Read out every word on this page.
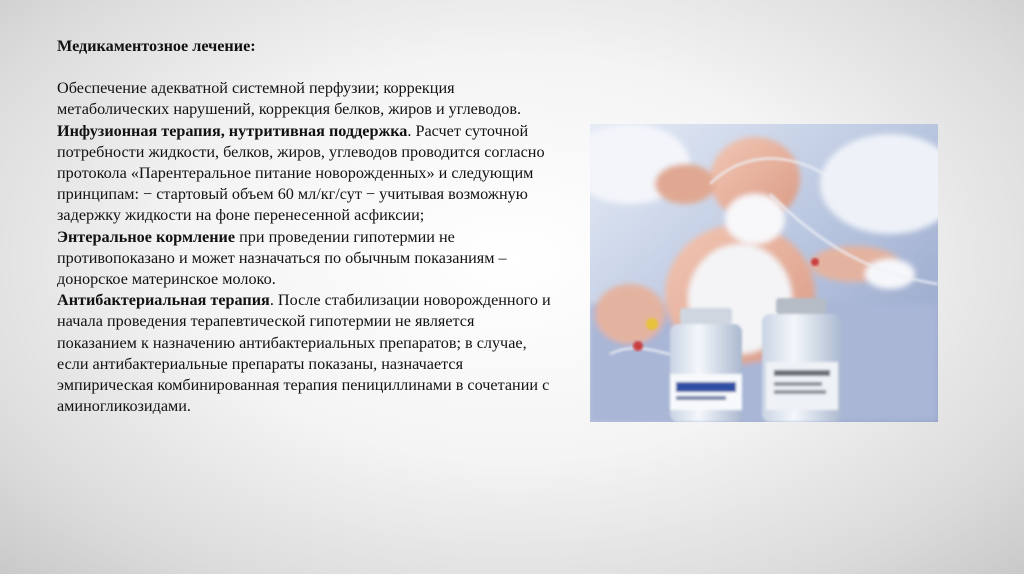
Медикаментозное лечение:

Обеспечение адекватной системной перфузии; коррекция метаболических нарушений, коррекция белков, жиров и углеводов.

Инфузионная терапия, нутритивная поддержка. Расчет суточной потребности жидкости, белков, жиров, углеводов проводится согласно протокола «Парентеральное питание новорожденных» и следующим принципам: − стартовый объем 60 мл/кг/сут − учитывая возможную задержку жидкости на фоне перенесенной асфиксии;

Энтеральное кормление при проведении гипотермии не противопоказано и может назначаться по обычным показаниям – донорское материнское молоко.

Антибактериальная терапия. После стабилизации новорожденного и начала проведения терапевтической гипотермии не является показанием к назначению антибактериальных препаратов; в случае, если антибактериальные препараты показаны, назначается эмпирическая комбинированная терапия пенициллинами в сочетании с аминогликозидами.
